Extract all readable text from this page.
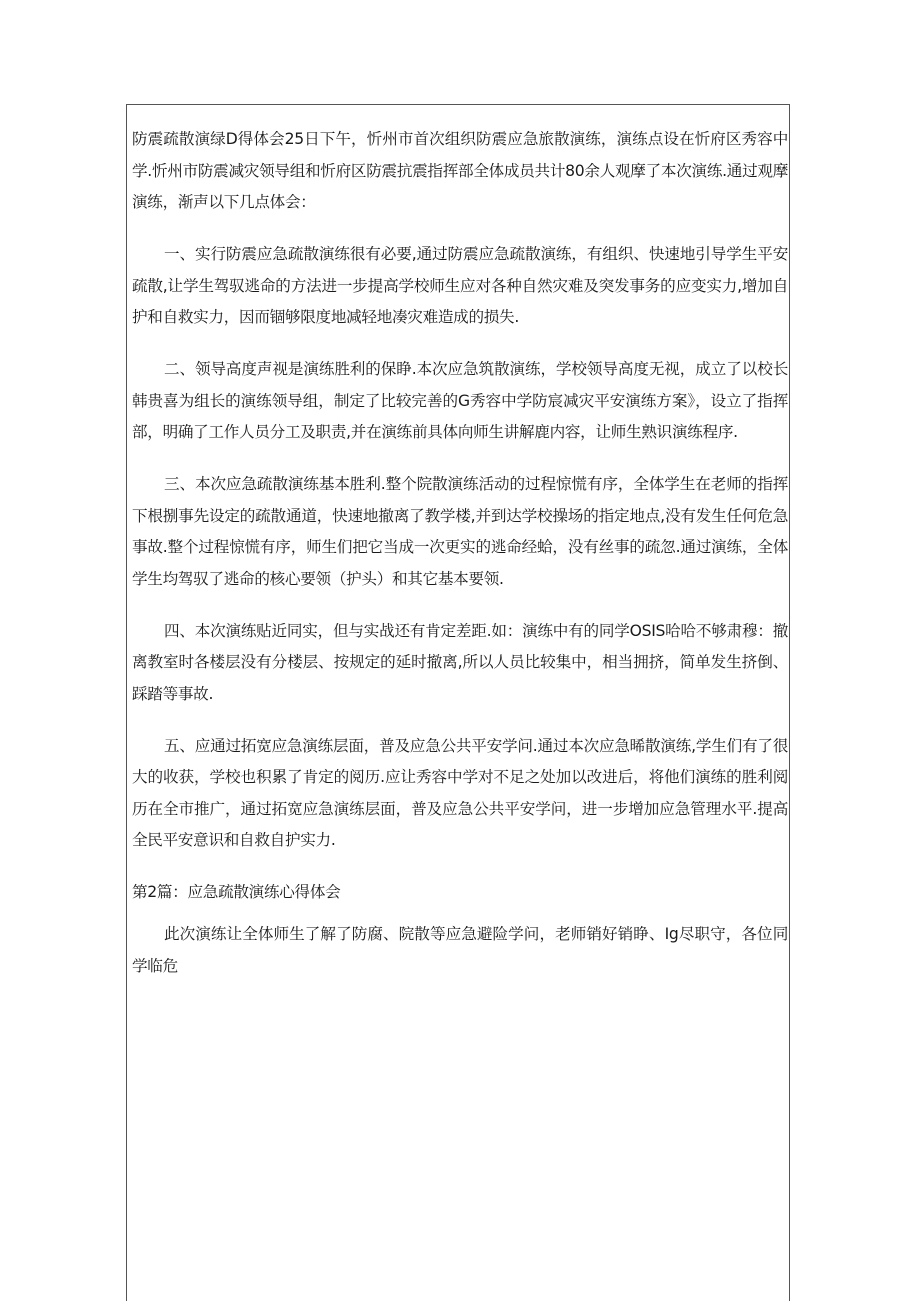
防震疏散演绿D得体会25日下午，忻州市首次组织防震应急旅散演练，演练点设在忻府区秀容中学.忻州市防震减灾领导组和忻府区防震抗震指挥部全体成员共计80余人观摩了本次演练.通过观摩演练，渐声以下几点体会：

一、实行防震应急疏散演练很有必要,通过防震应急疏散演练，有组织、快速地引导学生平安疏散,让学生驾驭逃命的方法进一步提高学校师生应对各种自然灾难及突发事务的应变实力,增加自护和自救实力，因而锢够限度地减轻地凑灾难造成的损失.

二、领导高度声视是演练胜利的保睁.本次应急筑散演练，学校领导高度无视，成立了以校长韩贵喜为组长的演练领导组，制定了比较完善的G秀容中学防宸减灾平安演练方案》，设立了指挥部，明确了工作人员分工及职责,并在演练前具体向师生讲解鹿内容，让师生熟识演练程序.

三、本次应急疏散演练基本胜利.整个院散演练活动的过程惊慌有序，全体学生在老师的指挥下根捌事先设定的疏散通道，快速地撤离了教学楼,并到达学校操场的指定地点,没有发生任何危急事故.整个过程惊慌有序，师生们把它当成一次更实的逃命经蛤，没有丝事的疏忽.通过演练，全体学生均驾驭了逃命的核心要领（护头）和其它基本要领.

四、本次演练贴近同实，但与实战还有肯定差距.如：演练中有的同学OSIS哈哈不够肃穆：撤离教室时各楼层没有分楼层、按规定的延时撤离,所以人员比较集中，相当拥挤，简单发生挤倒、踩踏等事故.

五、应通过拓宽应急演练层面，普及应急公共平安学问.通过本次应急晞散演练,学生们有了很大的收获，学校也积累了肯定的阅历.应让秀容中学对不足之处加以改进后，将他们演练的胜利阅历在全市推广，通过拓宽应急演练层面，普及应急公共平安学问，进一步增加应急管理水平.提高全民平安意识和自救自护实力.

第2篇：应急疏散演练心得体会

此次演练让全体师生了解了防腐、院散等应急避险学问，老师销好销睁、Ig尽职守，各位同学临危
